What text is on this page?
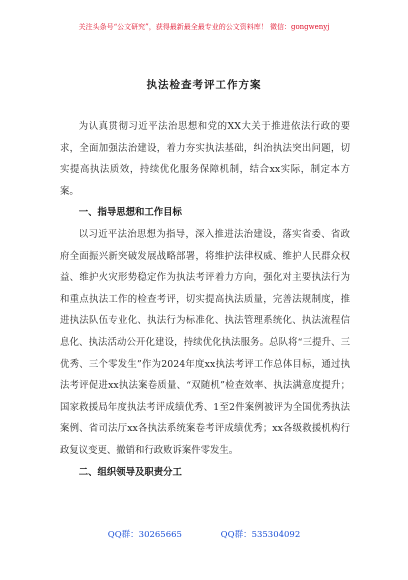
关注头条号“公文研究”，获得最新最全最专业的公文资料库！ 微信：gongwenyj
执法检查考评工作方案

为认真贯彻习近平法治思想和党的XX大关于推进依法行政的要求，全面加强法治建设，着力夯实执法基础，纠治执法突出问题，切实提高执法质效，持续优化服务保障机制，结合xx实际，制定本方案。

一、指导思想和工作目标

以习近平法治思想为指导，深入推进法治建设，落实省委、省政府全面振兴新突破发展战略部署，将维护法律权威、维护人民群众权益、维护火灾形势稳定作为执法考评着力方向，强化对主要执法行为和重点执法工作的检查考评，切实提高执法质量，完善法规制度，推进执法队伍专业化、执法行为标准化、执法管理系统化、执法流程信息化、执法活动公开化建设，持续优化执法服务。总队将“三提升、三优秀、三个零发生”作为2024年度xx执法考评工作总体目标，通过执法考评促进xx执法案卷质量、“双随机”检查效率、执法满意度提升；国家救援局年度执法考评成绩优秀、1至2件案例被评为全国优秀执法案例、省司法厅xx各执法系统案卷考评成绩优秀；xx各级救援机构行政复议变更、撤销和行政败诉案件零发生。

二、组织领导及职责分工

QQ群：30265665	QQ群：535304092
